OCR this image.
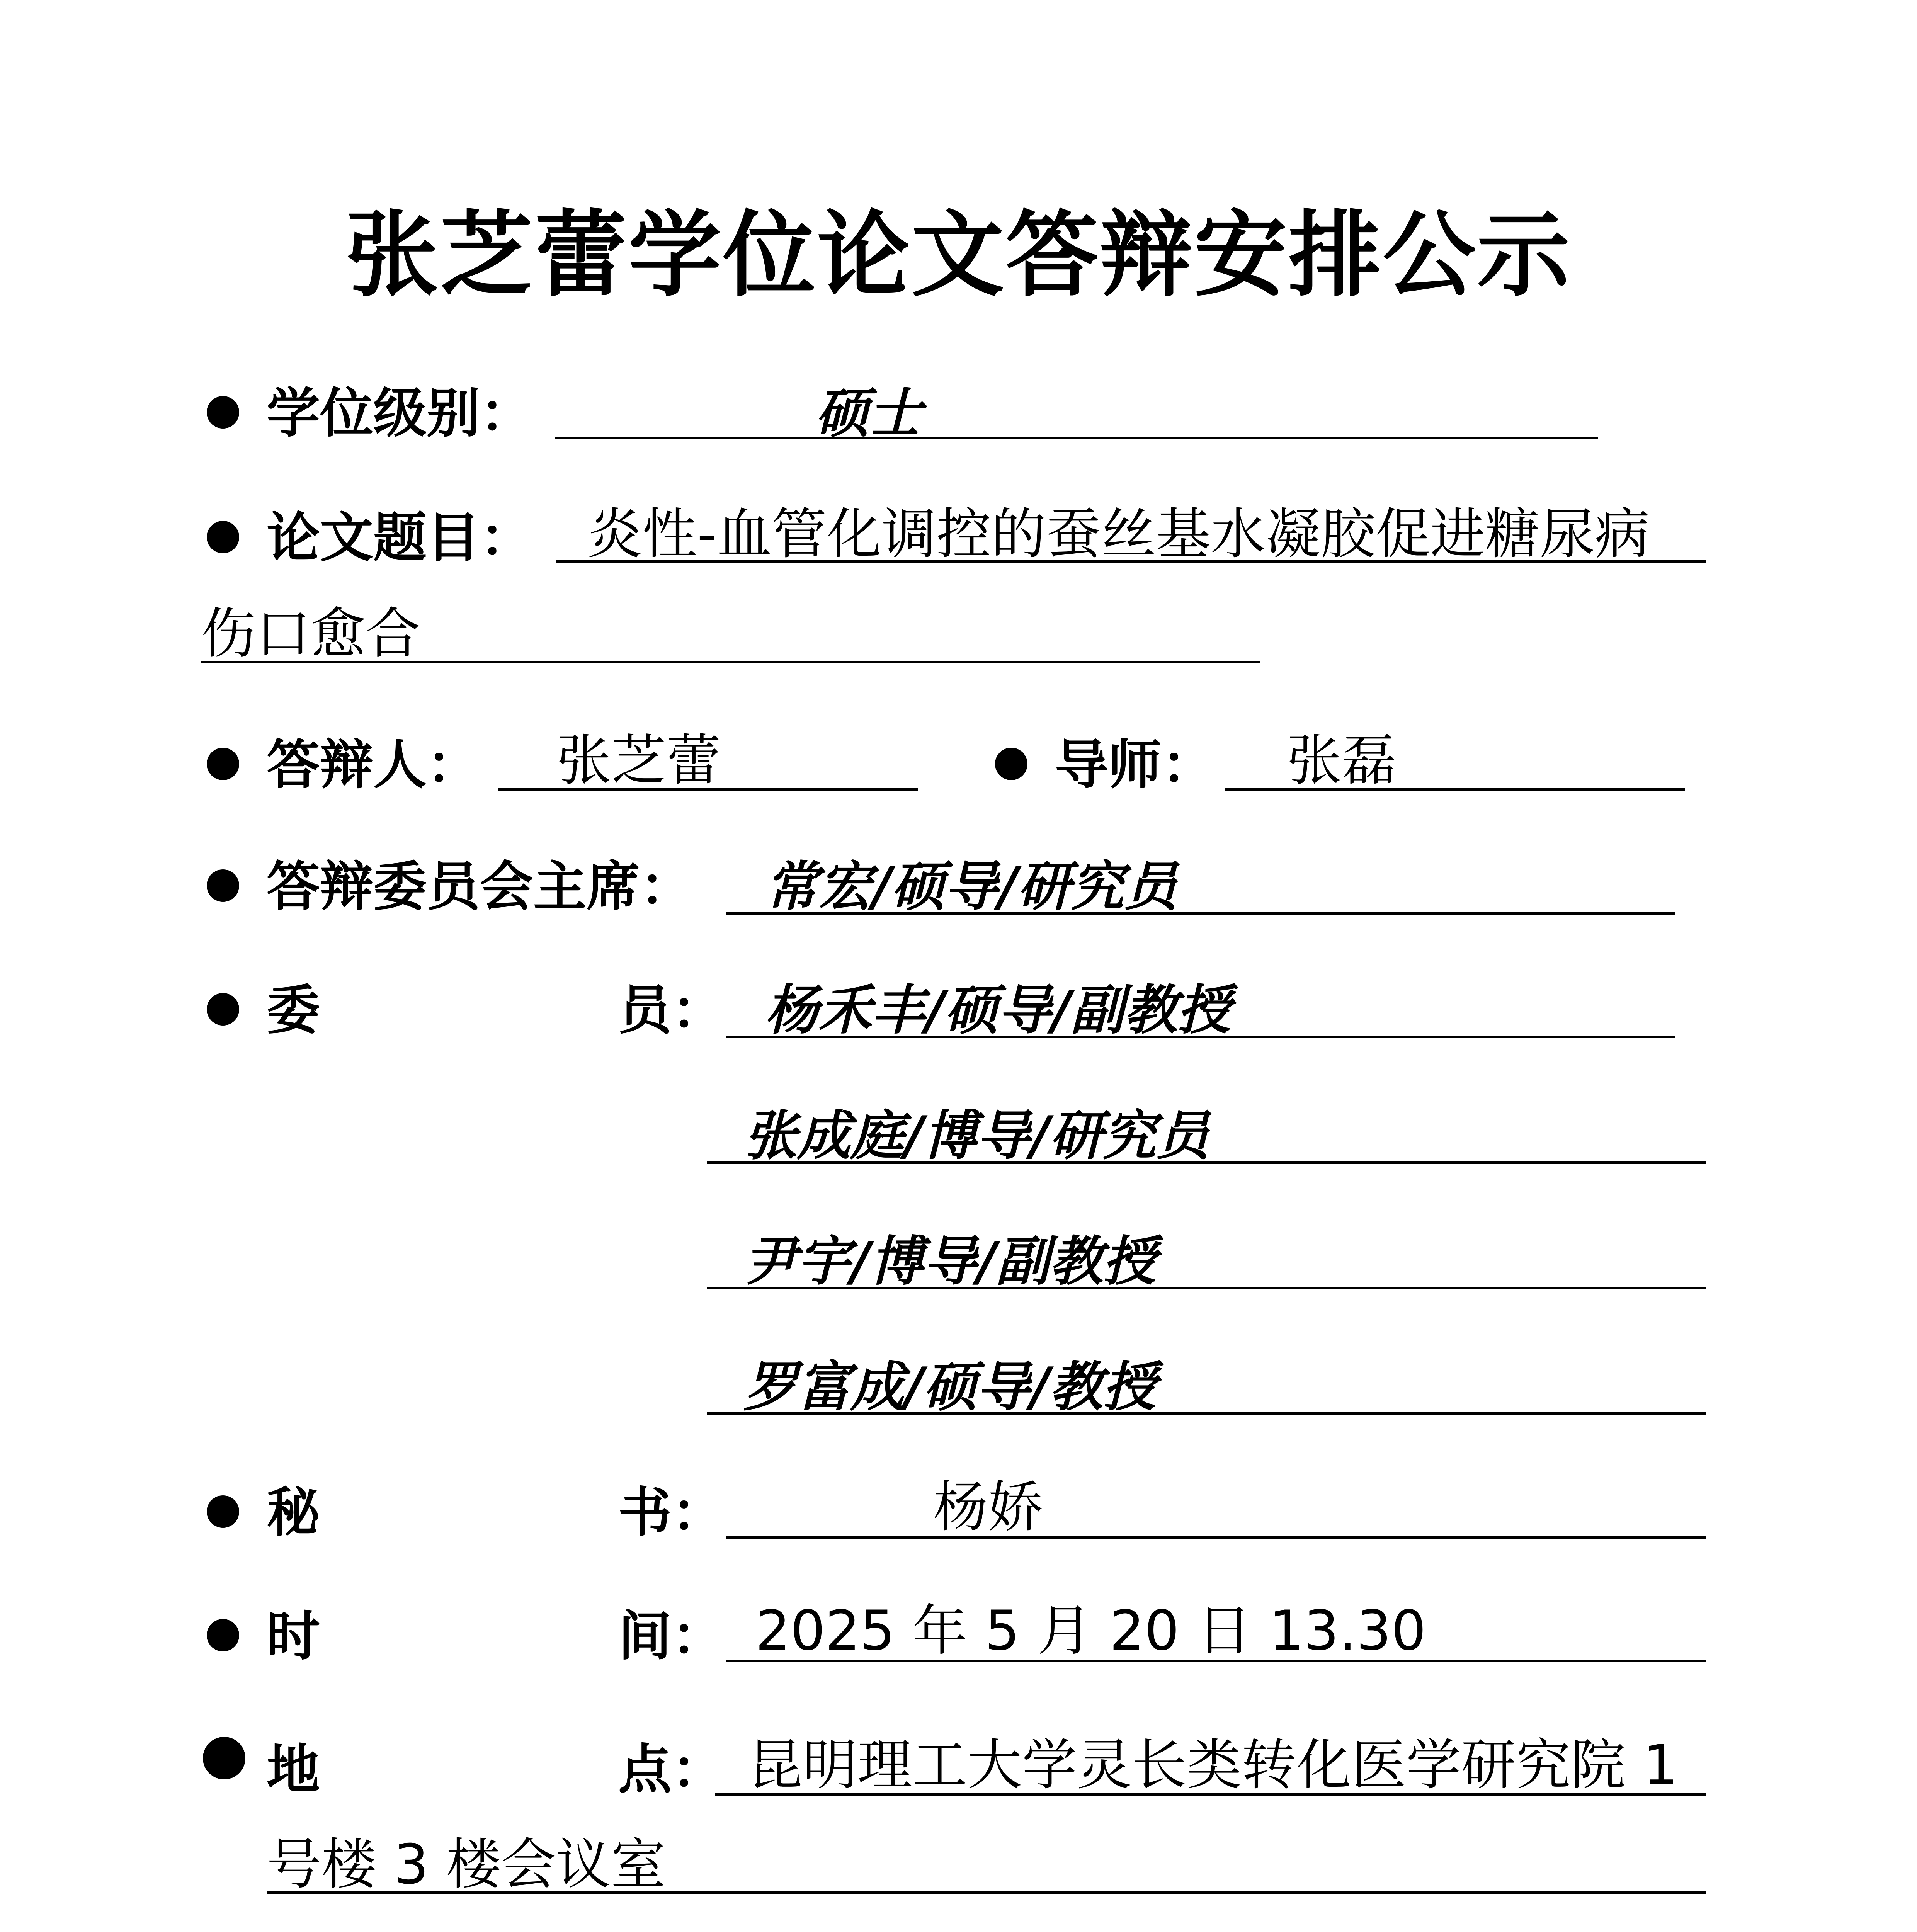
张芝蕾学位论文答辩安排公示
学位级别：	硕士
论文题目： 炎性-血管化调控的蚕丝基水凝胶促进糖尿病
伤口愈合
答辩人： 张芝蕾	导师： 张磊
答辩委员会主席： 常宏/硕导/研究员
委	员： 杨禾丰/硕导/副教授
张成庭/博导/研究员
尹宇/博导/副教授
罗富成/硕导/教授
秘	书：	杨娇
时	间： 2025 年 5 月 20 日 13.30
地	点： 昆明理工大学灵长类转化医学研究院 1
号楼 3 楼会议室
